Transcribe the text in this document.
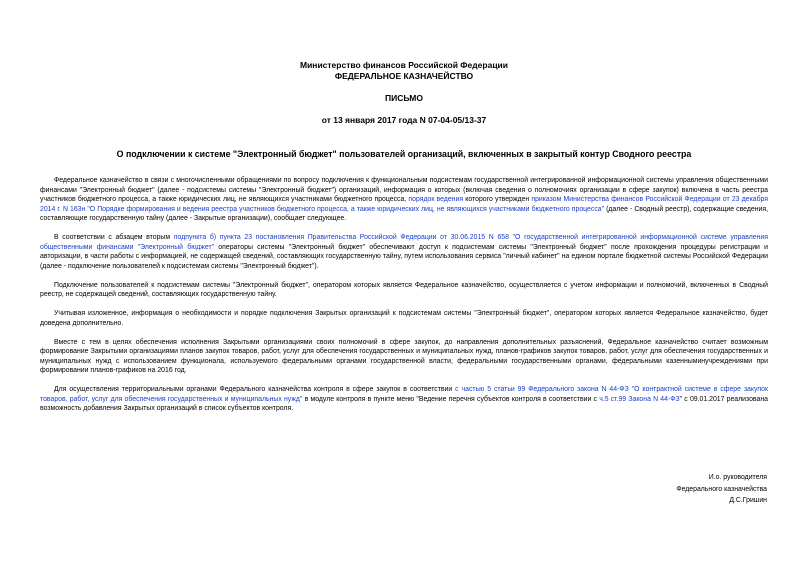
Министерство финансов Российской Федерации
ФЕДЕРАЛЬНОЕ КАЗНАЧЕЙСТВО
ПИСЬМО
от 13 января 2017 года N 07-04-05/13-37
О подключении к системе "Электронный бюджет" пользователей организаций, включенных в закрытый контур Сводного реестра

Федеральное казначейство в связи с многочисленными обращениями по вопросу подключения к функциональным подсистемам государственной интегрированной информационной системы управления общественными финансами "Электронный бюджет" (далее - подсистемы системы "Электронный бюджет") организаций, информация о которых (включая сведения о полномочиях организации в сфере закупок) включена в часть реестра участников бюджетного процесса, а также юридических лиц, не являющихся участниками бюджетного процесса, порядок ведения которого утвержден приказом Министерства финансов Российской Федерации от 23 декабря 2014 г. N 163н "О Порядке формирования и ведения реестра участников бюджетного процесса, а также юридических лиц, не являющихся участниками бюджетного процесса" (далее - Сводный реестр), содержащие сведения, составляющие государственную тайну (далее - Закрытые организации), сообщает следующее.

В соответствии с абзацем вторым подпункта б) пункта 23 постановления Правительства Российской Федерации от 30.06.2015 N 658 "О государственной интегрированной информационной системе управления общественными финансами "Электронный бюджет" операторы системы "Электронный бюджет" обеспечивают доступ к подсистемам системы "Электронный бюджет" после прохождения процедуры регистрации и авторизации, в части работы с информацией, не содержащей сведений, составляющих государственную тайну, путем использования сервиса "личный кабинет" на едином портале бюджетной системы Российской Федерации (далее - подключение пользователей к подсистемам системы "Электронный бюджет").

Подключение пользователей к подсистемам системы "Электронный бюджет", оператором которых является Федеральное казначейство, осуществляется с учетом информации и полномочий, включенных в Сводный реестр, не содержащей сведений, составляющих государственную тайну.

Учитывая изложенное, информация о необходимости и порядке подключения Закрытых организаций к подсистемам системы "Электронный бюджет", оператором которых является Федеральное казначейство, будет доведена дополнительно.

Вместе с тем в целях обеспечения исполнения Закрытыми организациями своих полномочий в сфере закупок, до направления дополнительных разъяснений, Федеральное казначейство считает возможным формирование Закрытыми организациями планов закупок товаров, работ, услуг для обеспечения государственных и муниципальных нужд, планов-графиков закупок товаров, работ, услуг для обеспечения государственных и муниципальных нужд с использованием функционала, используемого федеральными органами государственной власти, федеральными государственными органами, федеральными казенныминучреждениями при формировании планов-графиков на 2016 год.

Для осуществления территориальными органами Федерального казначейства контроля в сфере закупок в соответствии с частью 5 статьи 99 Федерального закона N 44-ФЗ "О контрактной системе в сфере закупок товаров, работ, услуг для обеспечения государственных и муниципальных нужд" в модуле контроля в пункте меню "Ведение перечня субъектов контроля в соответствии с ч.5 ст.99 Закона N 44-ФЗ" с 09.01.2017 реализована возможность добавления Закрытых организаций в список субъектов контроля.

И.о. руководителя
Федерального казначейства
Д.С.Гришин
